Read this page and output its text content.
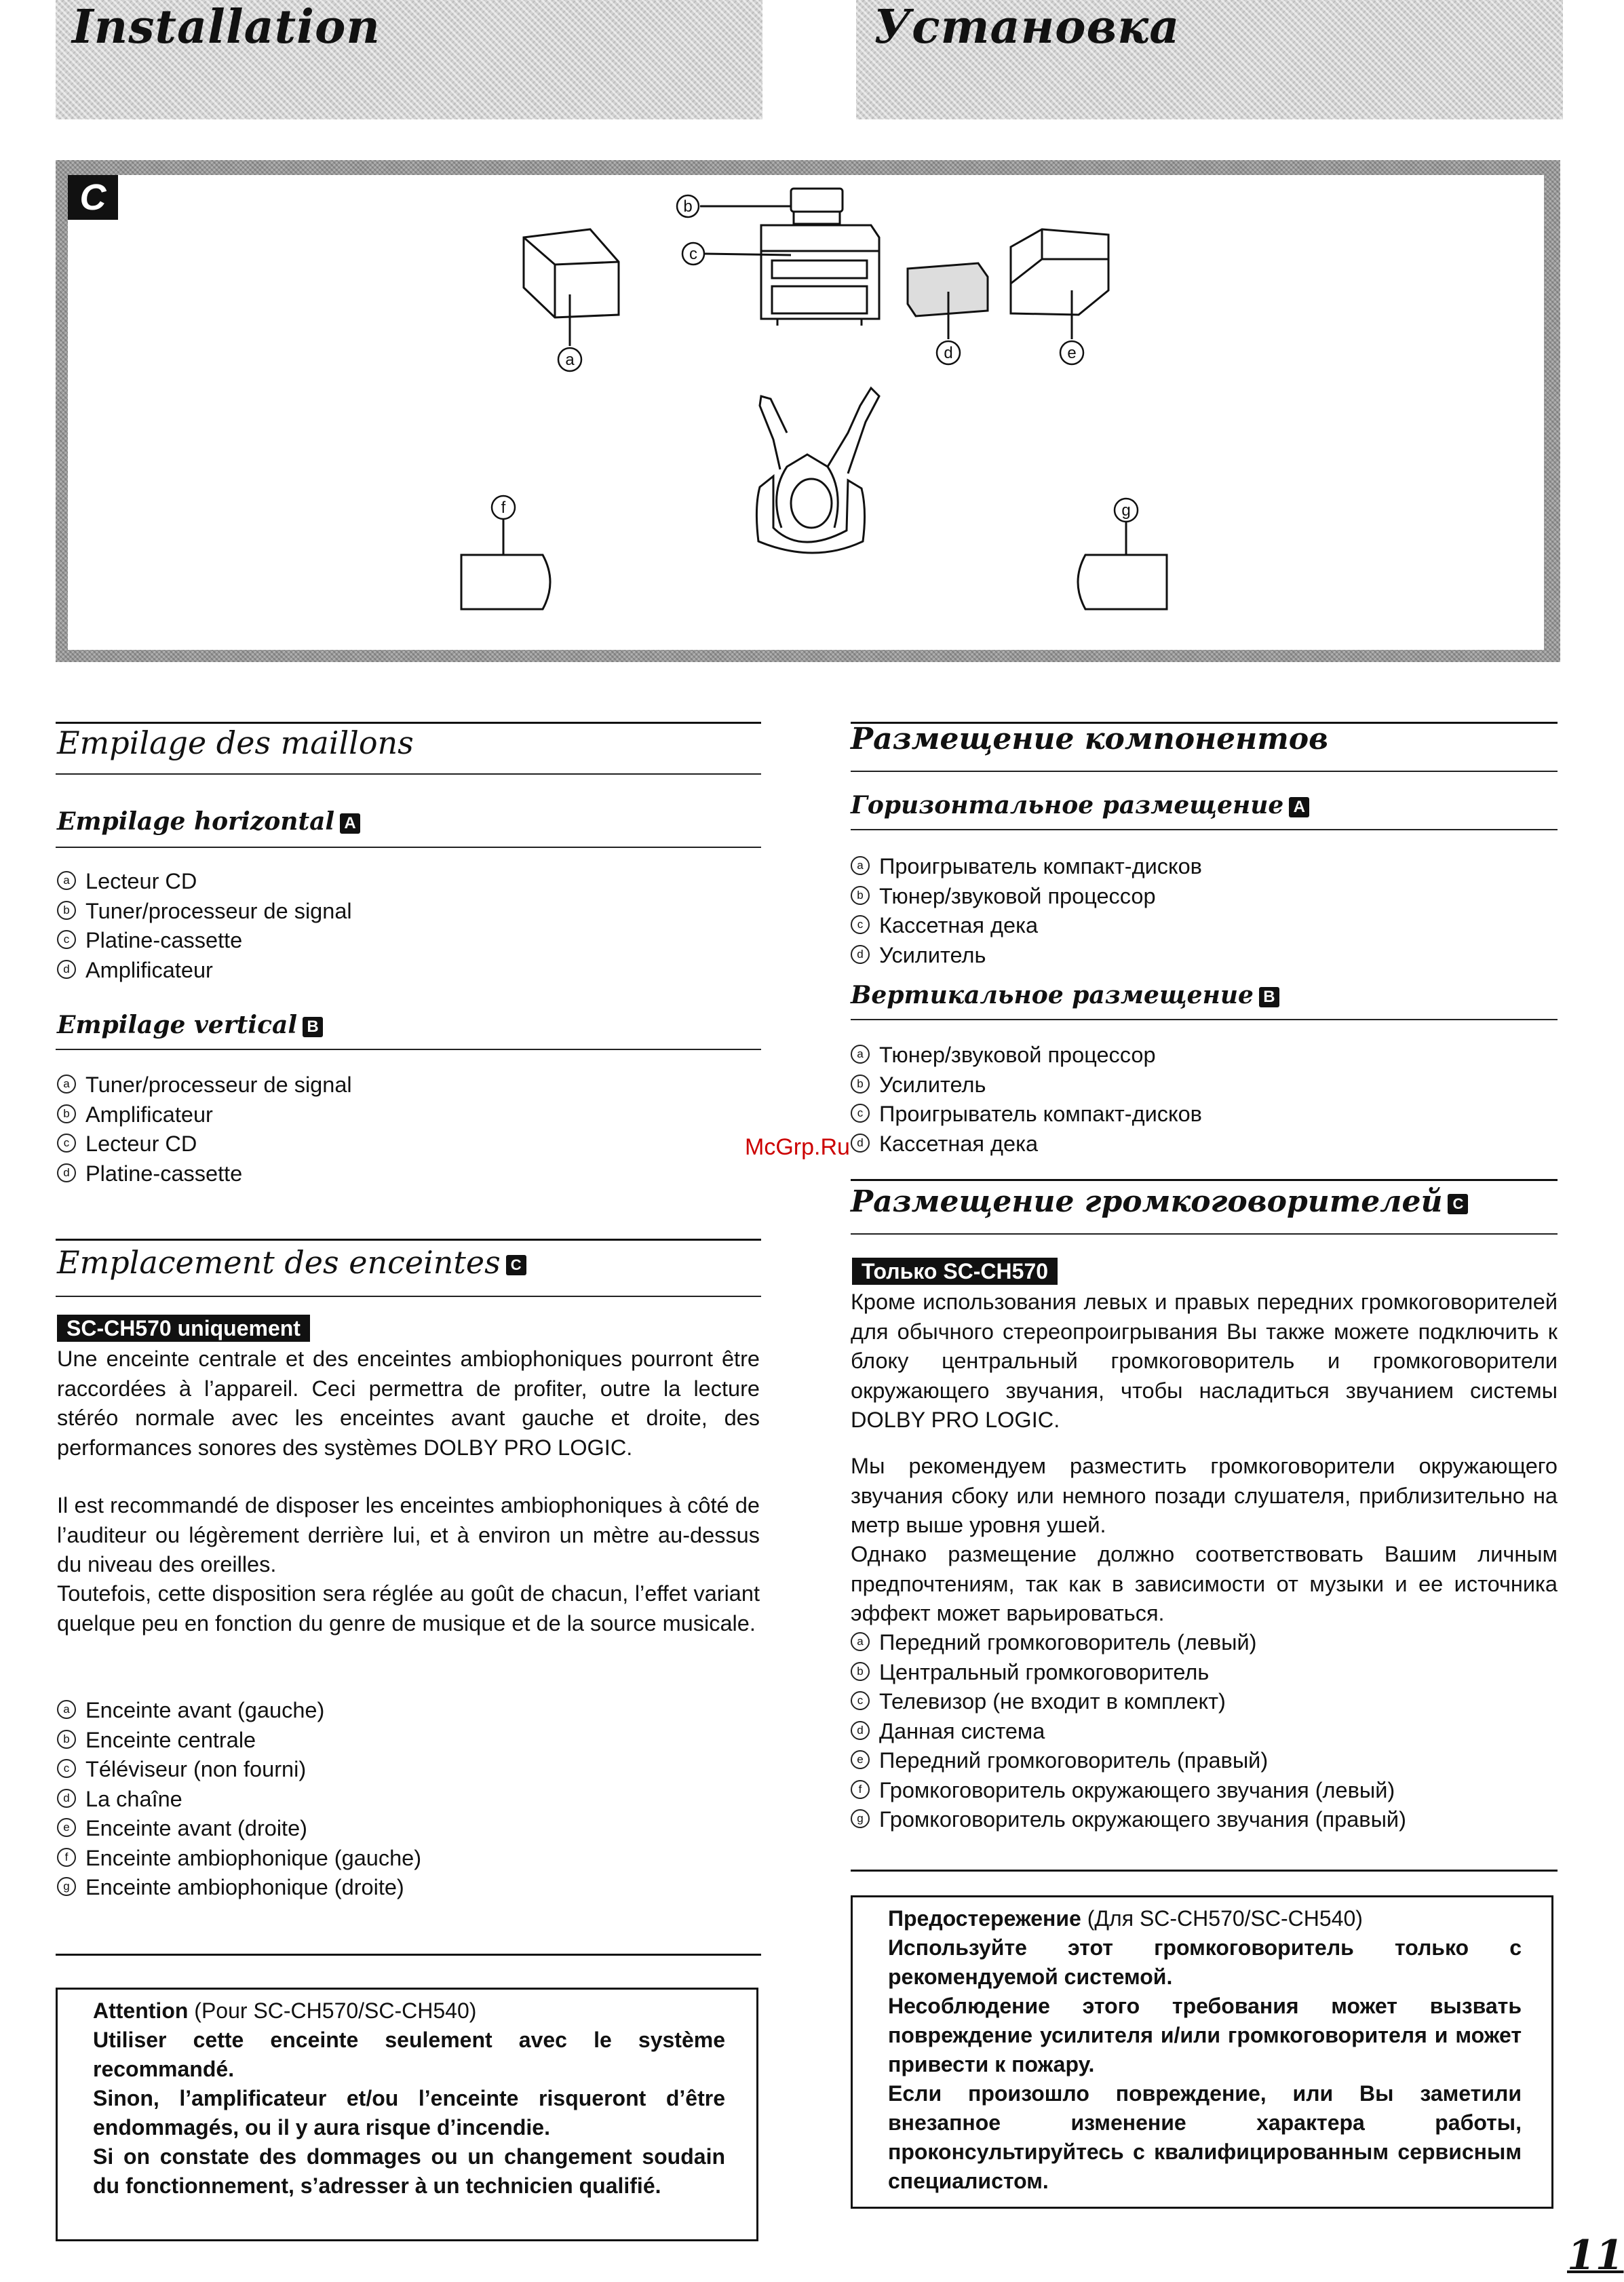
Installation	Установка
b
c
a	d	e
f	g
C
Empilage des maillons
Empilage horizontal A
a Lecteur CD
b Tuner/processeur de signal
c Platine-cassette
d Amplificateur
Empilage vertical B
a Tuner/processeur de signal
b Amplificateur
c Lecteur CD
d Platine-cassette
Emplacement des enceintes C
SC-CH570 uniquement

Une enceinte centrale et des enceintes ambiophoniques pourront être raccordées à l’appareil. Ceci permettra de profiter, outre la lecture stéréo normale avec les enceintes avant gauche et droite, des performances sonores des systèmes DOLBY PRO LOGIC.

Il est recommandé de disposer les enceintes ambiophoniques à côté de l’auditeur ou légèrement derrière lui, et à environ un mètre au-dessus du niveau des oreilles.

Toutefois, cette disposition sera réglée au goût de chacun, l’effet variant quelque peu en fonction du genre de musique et de la source musicale.

a Enceinte avant (gauche)
b Enceinte centrale
c Téléviseur (non fourni)
d La chaîne
e Enceinte avant (droite)
f Enceinte ambiophonique (gauche)
g Enceinte ambiophonique (droite)

Attention (Pour SC-CH570/SC-CH540)

Utiliser cette enceinte seulement avec le système recommandé.

Sinon, l’amplificateur et/ou l’enceinte risqueront d’être endommagés, ou il y aura risque d’incendie.

Si on constate des dommages ou un changement soudain du fonctionnement, s’adresser à un technicien qualifié.

Размещение компонентов
Горизонтальное размещение A
a Проигрыватель компакт-дисков
b Тюнер/звуковой процессор
c Кассетная дека
d Усилитель
Вертикальное размещение B
a Тюнер/звуковой процессор
b Усилитель
c Проигрыватель компакт-дисков
d Кассетная дека
Размещение громкоговорителей C
Только SC-CH570

Кроме использования левых и правых передних громкоговорителей для обычного стереопроигрывания Вы также можете подключить к блоку центральный громкоговоритель и громкоговорители окружающего звучания, чтобы насладиться звучанием системы DOLBY PRO LOGIC.

Мы рекомендуем разместить громкоговорители окружающего звучания сбоку или немного позади слушателя, приблизительно на метр выше уровня ушей.

Однако размещение должно соответствовать Вашим личным предпочтениям, так как в зависимости от музыки и ее источника эффект может варьироваться.

a Передний громкоговоритель (левый)
b Центральный громкоговоритель
c Телевизор (не входит в комплект)
d Данная система
e Передний громкоговоритель (правый)
f Громкоговоритель окружающего звучания (левый)
g Громкоговоритель окружающего звучания (правый)

Предостережение (Для SC-CH570/SC-CH540)

Используйте этот громкоговоритель только с рекомендуемой системой.

Несоблюдение этого требования может вызвать повреждение усилителя и/или громкоговорителя и может привести к пожару.

Если произошло повреждение, или Вы заметили внезапное изменение характера работы, проконсультируйтесь с квалифицированным сервисным специалистом.

McGrp.Ru
11
